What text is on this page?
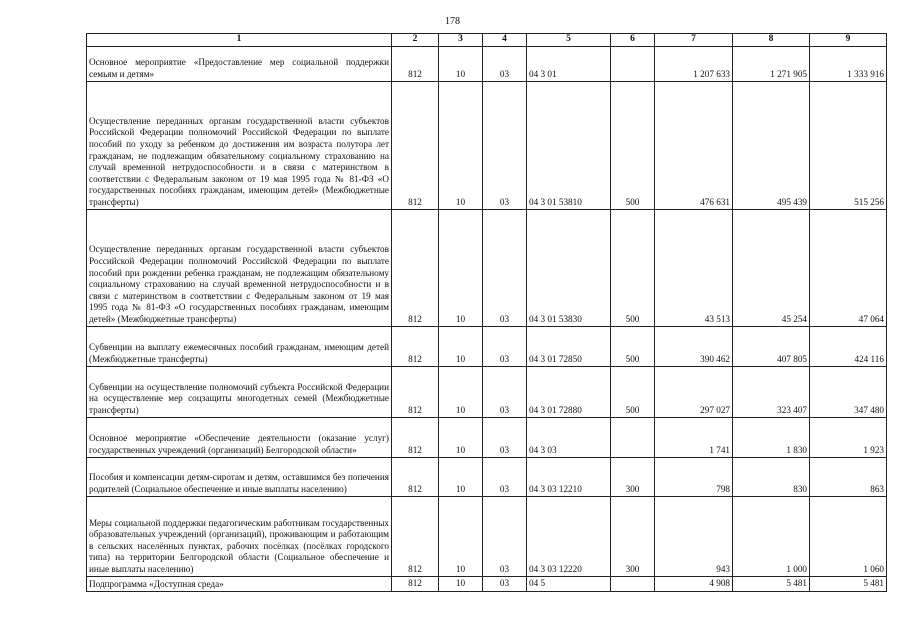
178
1	2	3	4	5	6	7	8	9
Основное мероприятие «Предоставление мер социальной поддержки семьям и детям»	812	10	03	04 3 01		1 207 633	1 271 905	1 333 916
Осуществление переданных органам государственной власти субъектов Российской Федерации полномочий Российской Федерации по выплате пособий по уходу за ребенком до достижения им возраста полутора лет гражданам, не подлежащим обязательному социальному страхованию на случай временной нетрудоспособности и в связи с материнством в соответствии с Федеральным законом от 19 мая 1995 года № 81-ФЗ «О государственных пособиях гражданам, имеющим детей» (Межбюджетные трансферты)	812	10	03	04 3 01 53810	500	476 631	495 439	515 256
Осуществление переданных органам государственной власти субъектов Российской Федерации полномочий Российской Федерации по выплате пособий при рождении ребенка гражданам, не подлежащим обязательному социальному страхованию на случай временной нетрудоспособности и в связи с материнством в соответствии с Федеральным законом от 19 мая 1995 года № 81-ФЗ «О государственных пособиях гражданам, имеющим детей» (Межбюджетные трансферты)	812	10	03	04 3 01 53830	500	43 513	45 254	47 064
Субвенции на выплату ежемесячных пособий гражданам, имеющим детей (Межбюджетные трансферты)	812	10	03	04 3 01 72850	500	390 462	407 805	424 116
Субвенции на осуществление полномочий субъекта Российской Федерации на осуществление мер соцзащиты многодетных семей (Межбюджетные трансферты)	812	10	03	04 3 01 72880	500	297 027	323 407	347 480
Основное мероприятие «Обеспечение деятельности (оказание услуг) государственных учреждений (организаций) Белгородской области»	812	10	03	04 3 03		1 741	1 830	1 923
Пособия и компенсации детям-сиротам и детям, оставшимся без попечения родителей (Социальное обеспечение и иные выплаты населению)	812	10	03	04 3 03 12210	300	798	830	863
Меры социальной поддержки педагогическим работникам государственных образовательных учреждений (организаций), проживающим и работающим в сельских населённых пунктах, рабочих посёлках (посёлках городского типа) на территории Белгородской области (Социальное обеспечение и иные выплаты населению)	812	10	03	04 3 03 12220	300	943	1 000	1 060
Подпрограмма «Доступная среда»	812	10	03	04 5		4 908	5 481	5 481
